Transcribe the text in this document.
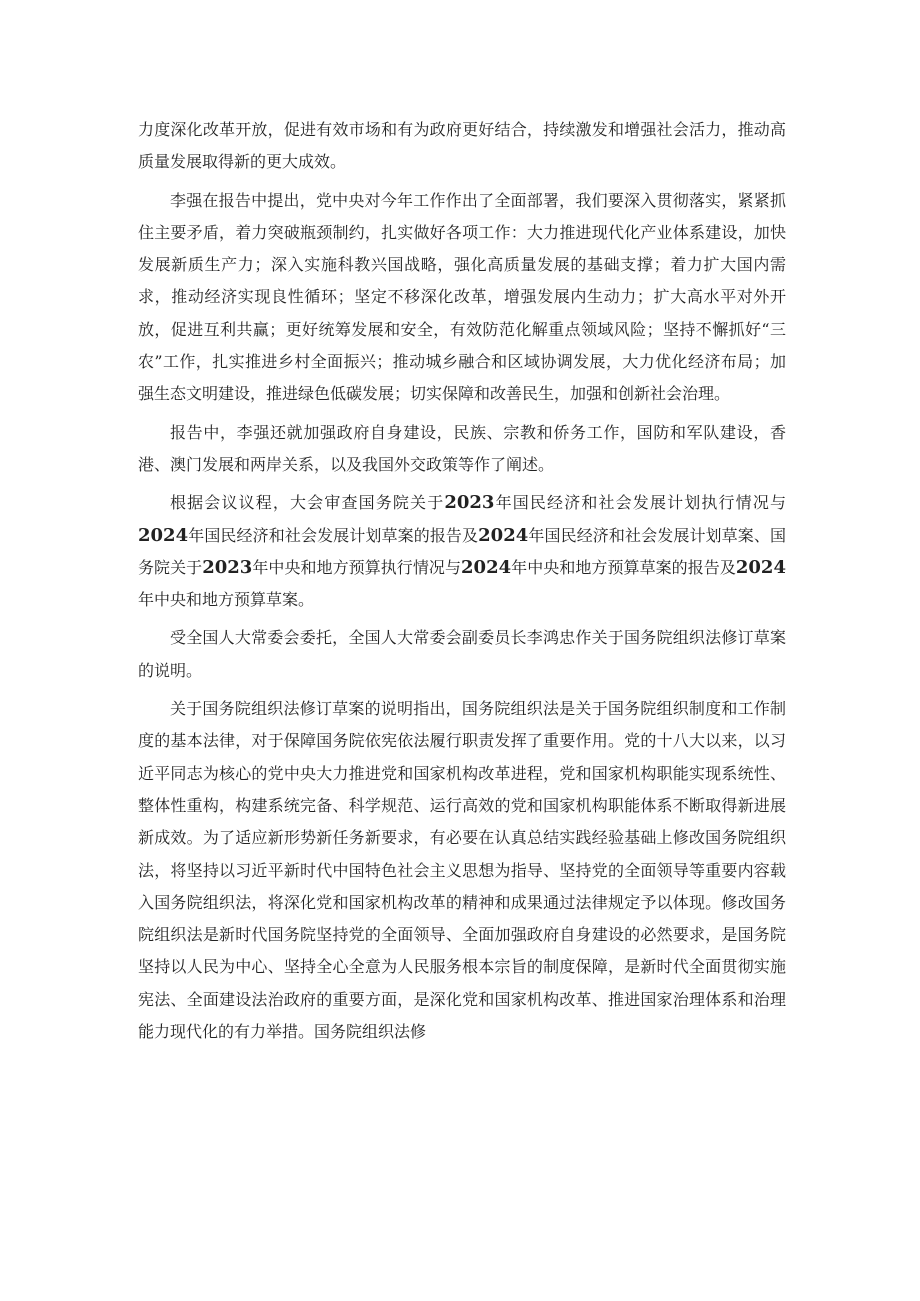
力度深化改革开放，促进有效市场和有为政府更好结合，持续激发和增强社会活力，推动高质量发展取得新的更大成效。

李强在报告中提出，党中央对今年工作作出了全面部署，我们要深入贯彻落实，紧紧抓住主要矛盾，着力突破瓶颈制约，扎实做好各项工作：大力推进现代化产业体系建设，加快发展新质生产力；深入实施科教兴国战略，强化高质量发展的基础支撑；着力扩大国内需求，推动经济实现良性循环；坚定不移深化改革，增强发展内生动力；扩大高水平对外开放，促进互利共赢；更好统筹发展和安全，有效防范化解重点领域风险；坚持不懈抓好“三农”工作，扎实推进乡村全面振兴；推动城乡融合和区域协调发展，大力优化经济布局；加强生态文明建设，推进绿色低碳发展；切实保障和改善民生，加强和创新社会治理。

报告中，李强还就加强政府自身建设，民族、宗教和侨务工作，国防和军队建设，香港、澳门发展和两岸关系，以及我国外交政策等作了阐述。

根据会议议程，大会审查国务院关于2023年国民经济和社会发展计划执行情况与2024年国民经济和社会发展计划草案的报告及2024年国民经济和社会发展计划草案、国务院关于2023年中央和地方预算执行情况与2024年中央和地方预算草案的报告及2024年中央和地方预算草案。

受全国人大常委会委托，全国人大常委会副委员长李鸿忠作关于国务院组织法修订草案的说明。

关于国务院组织法修订草案的说明指出，国务院组织法是关于国务院组织制度和工作制度的基本法律，对于保障国务院依宪依法履行职责发挥了重要作用。党的十八大以来，以习近平同志为核心的党中央大力推进党和国家机构改革进程，党和国家机构职能实现系统性、整体性重构，构建系统完备、科学规范、运行高效的党和国家机构职能体系不断取得新进展新成效。为了适应新形势新任务新要求，有必要在认真总结实践经验基础上修改国务院组织法，将坚持以习近平新时代中国特色社会主义思想为指导、坚持党的全面领导等重要内容载入国务院组织法，将深化党和国家机构改革的精神和成果通过法律规定予以体现。修改国务院组织法是新时代国务院坚持党的全面领导、全面加强政府自身建设的必然要求，是国务院坚持以人民为中心、坚持全心全意为人民服务根本宗旨的制度保障，是新时代全面贯彻实施宪法、全面建设法治政府的重要方面，是深化党和国家机构改革、推进国家治理体系和治理能力现代化的有力举措。国务院组织法修
